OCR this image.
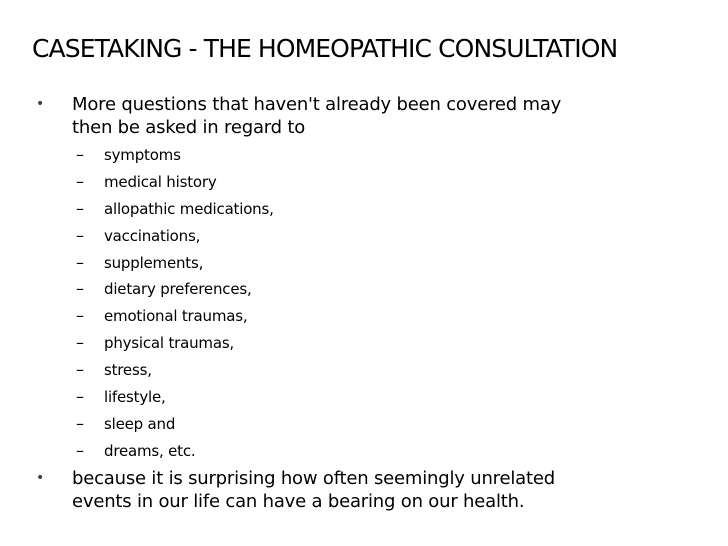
CASETAKING - THE HOMEOPATHIC CONSULTATION
• More questions that haven't already been covered may
then be asked in regard to
– symptoms
– medical history
– allopathic medications,
– vaccinations,
– supplements,
– dietary preferences,
– emotional traumas,
– physical traumas,
– stress,
– lifestyle,
– sleep and
– dreams, etc.
• because it is surprising how often seemingly unrelated
events in our life can have a bearing on our health.
